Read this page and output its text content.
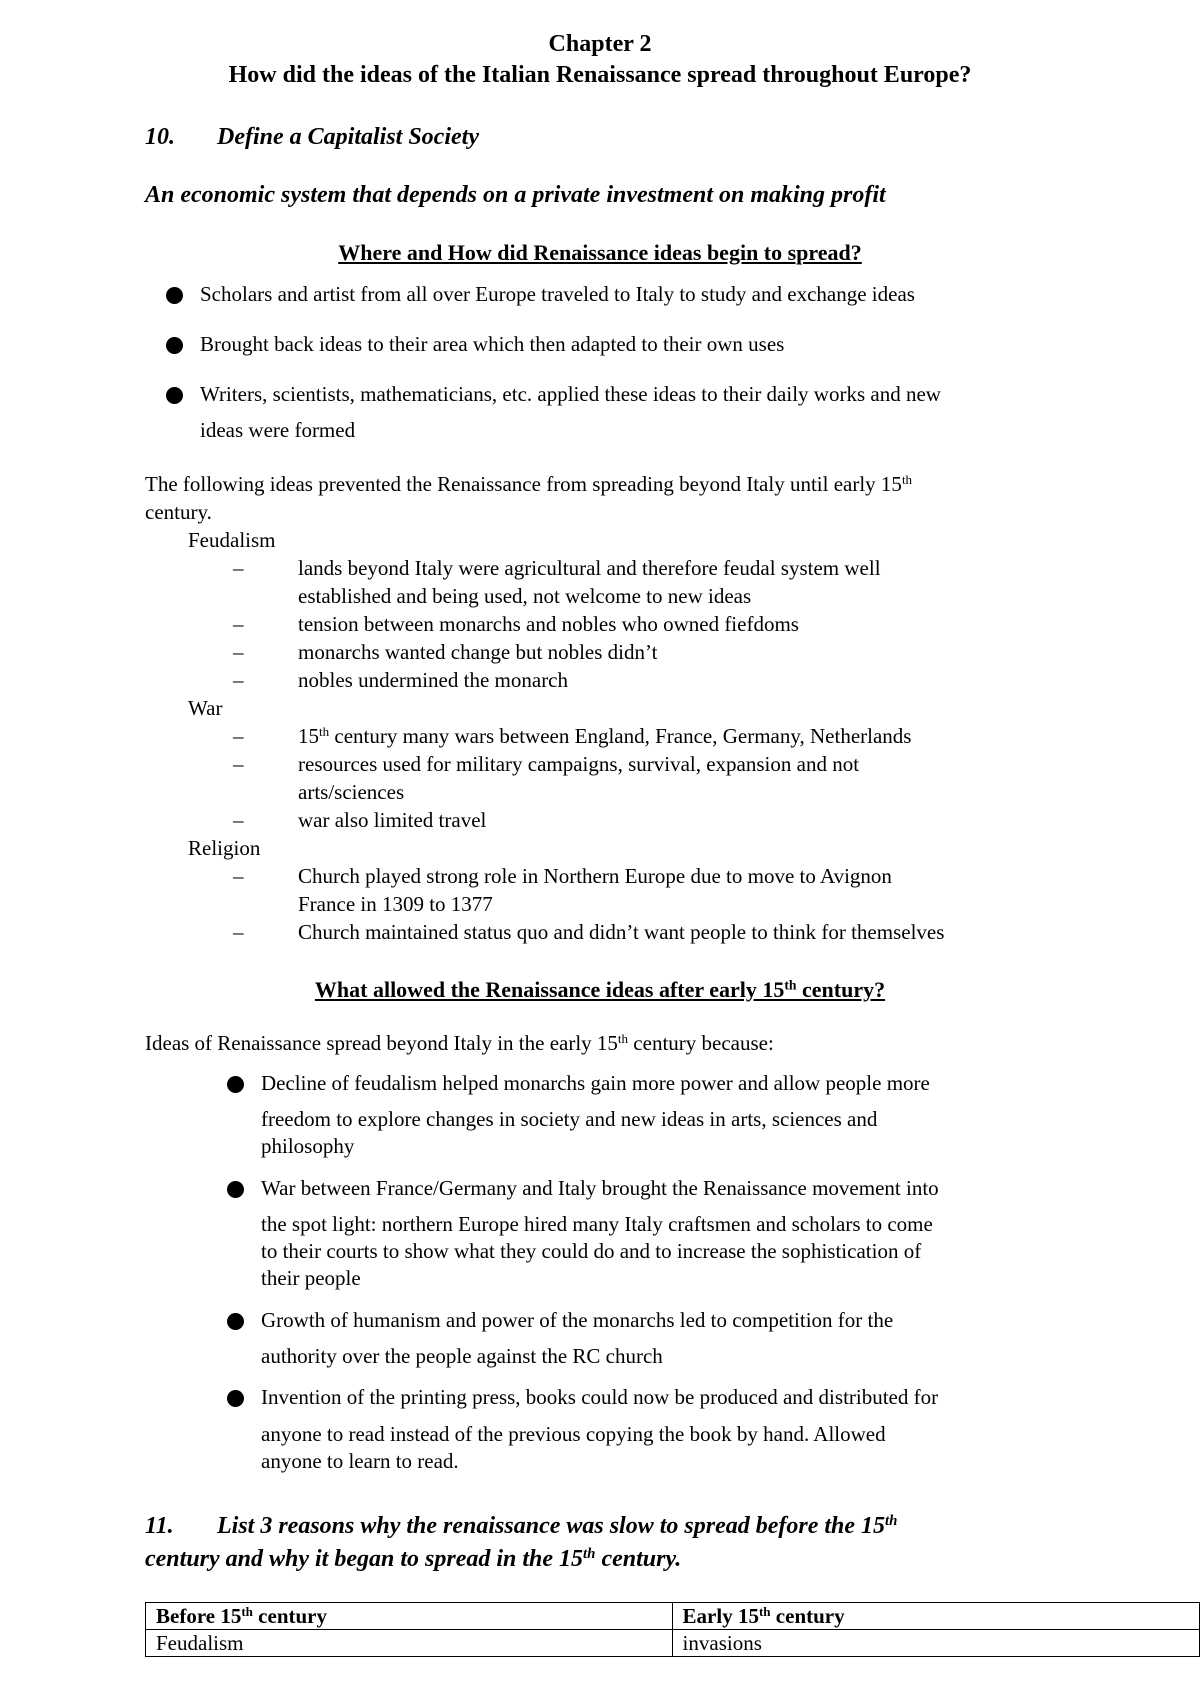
Chapter 2
How did the ideas of the Italian Renaissance spread throughout Europe?
10. Define a Capitalist Society
An economic system that depends on a private investment on making profit
Where and How did Renaissance ideas begin to spread?
Scholars and artist from all over Europe traveled to Italy to study and exchange ideas
Brought back ideas to their area which then adapted to their own uses
Writers, scientists, mathematicians, etc. applied these ideas to their daily works and new
ideas were formed
The following ideas prevented the Renaissance from spreading beyond Italy until early 15th
century.
Feudalism
–	lands beyond Italy were agricultural and therefore feudal system well
established and being used, not welcome to new ideas
–	tension between monarchs and nobles who owned fiefdoms
–	monarchs wanted change but nobles didn’t
–	nobles undermined the monarch
War
–	15th century many wars between England, France, Germany, Netherlands
–	resources used for military campaigns, survival, expansion and not
arts/sciences
–	war also limited travel
Religion
–	Church played strong role in Northern Europe due to move to Avignon
France in 1309 to 1377
–	Church maintained status quo and didn’t want people to think for themselves
What allowed the Renaissance ideas after early 15th century?
Ideas of Renaissance spread beyond Italy in the early 15th century because:
Decline of feudalism helped monarchs gain more power and allow people more
freedom to explore changes in society and new ideas in arts, sciences and
philosophy
War between France/Germany and Italy brought the Renaissance movement into
the spot light: northern Europe hired many Italy craftsmen and scholars to come
to their courts to show what they could do and to increase the sophistication of
their people
Growth of humanism and power of the monarchs led to competition for the
authority over the people against the RC church
Invention of the printing press, books could now be produced and distributed for
anyone to read instead of the previous copying the book by hand. Allowed
anyone to learn to read.
11. List 3 reasons why the renaissance was slow to spread before the 15th
century and why it began to spread in the 15th century.
Before 15th century	Early 15th century
Feudalism	invasions
